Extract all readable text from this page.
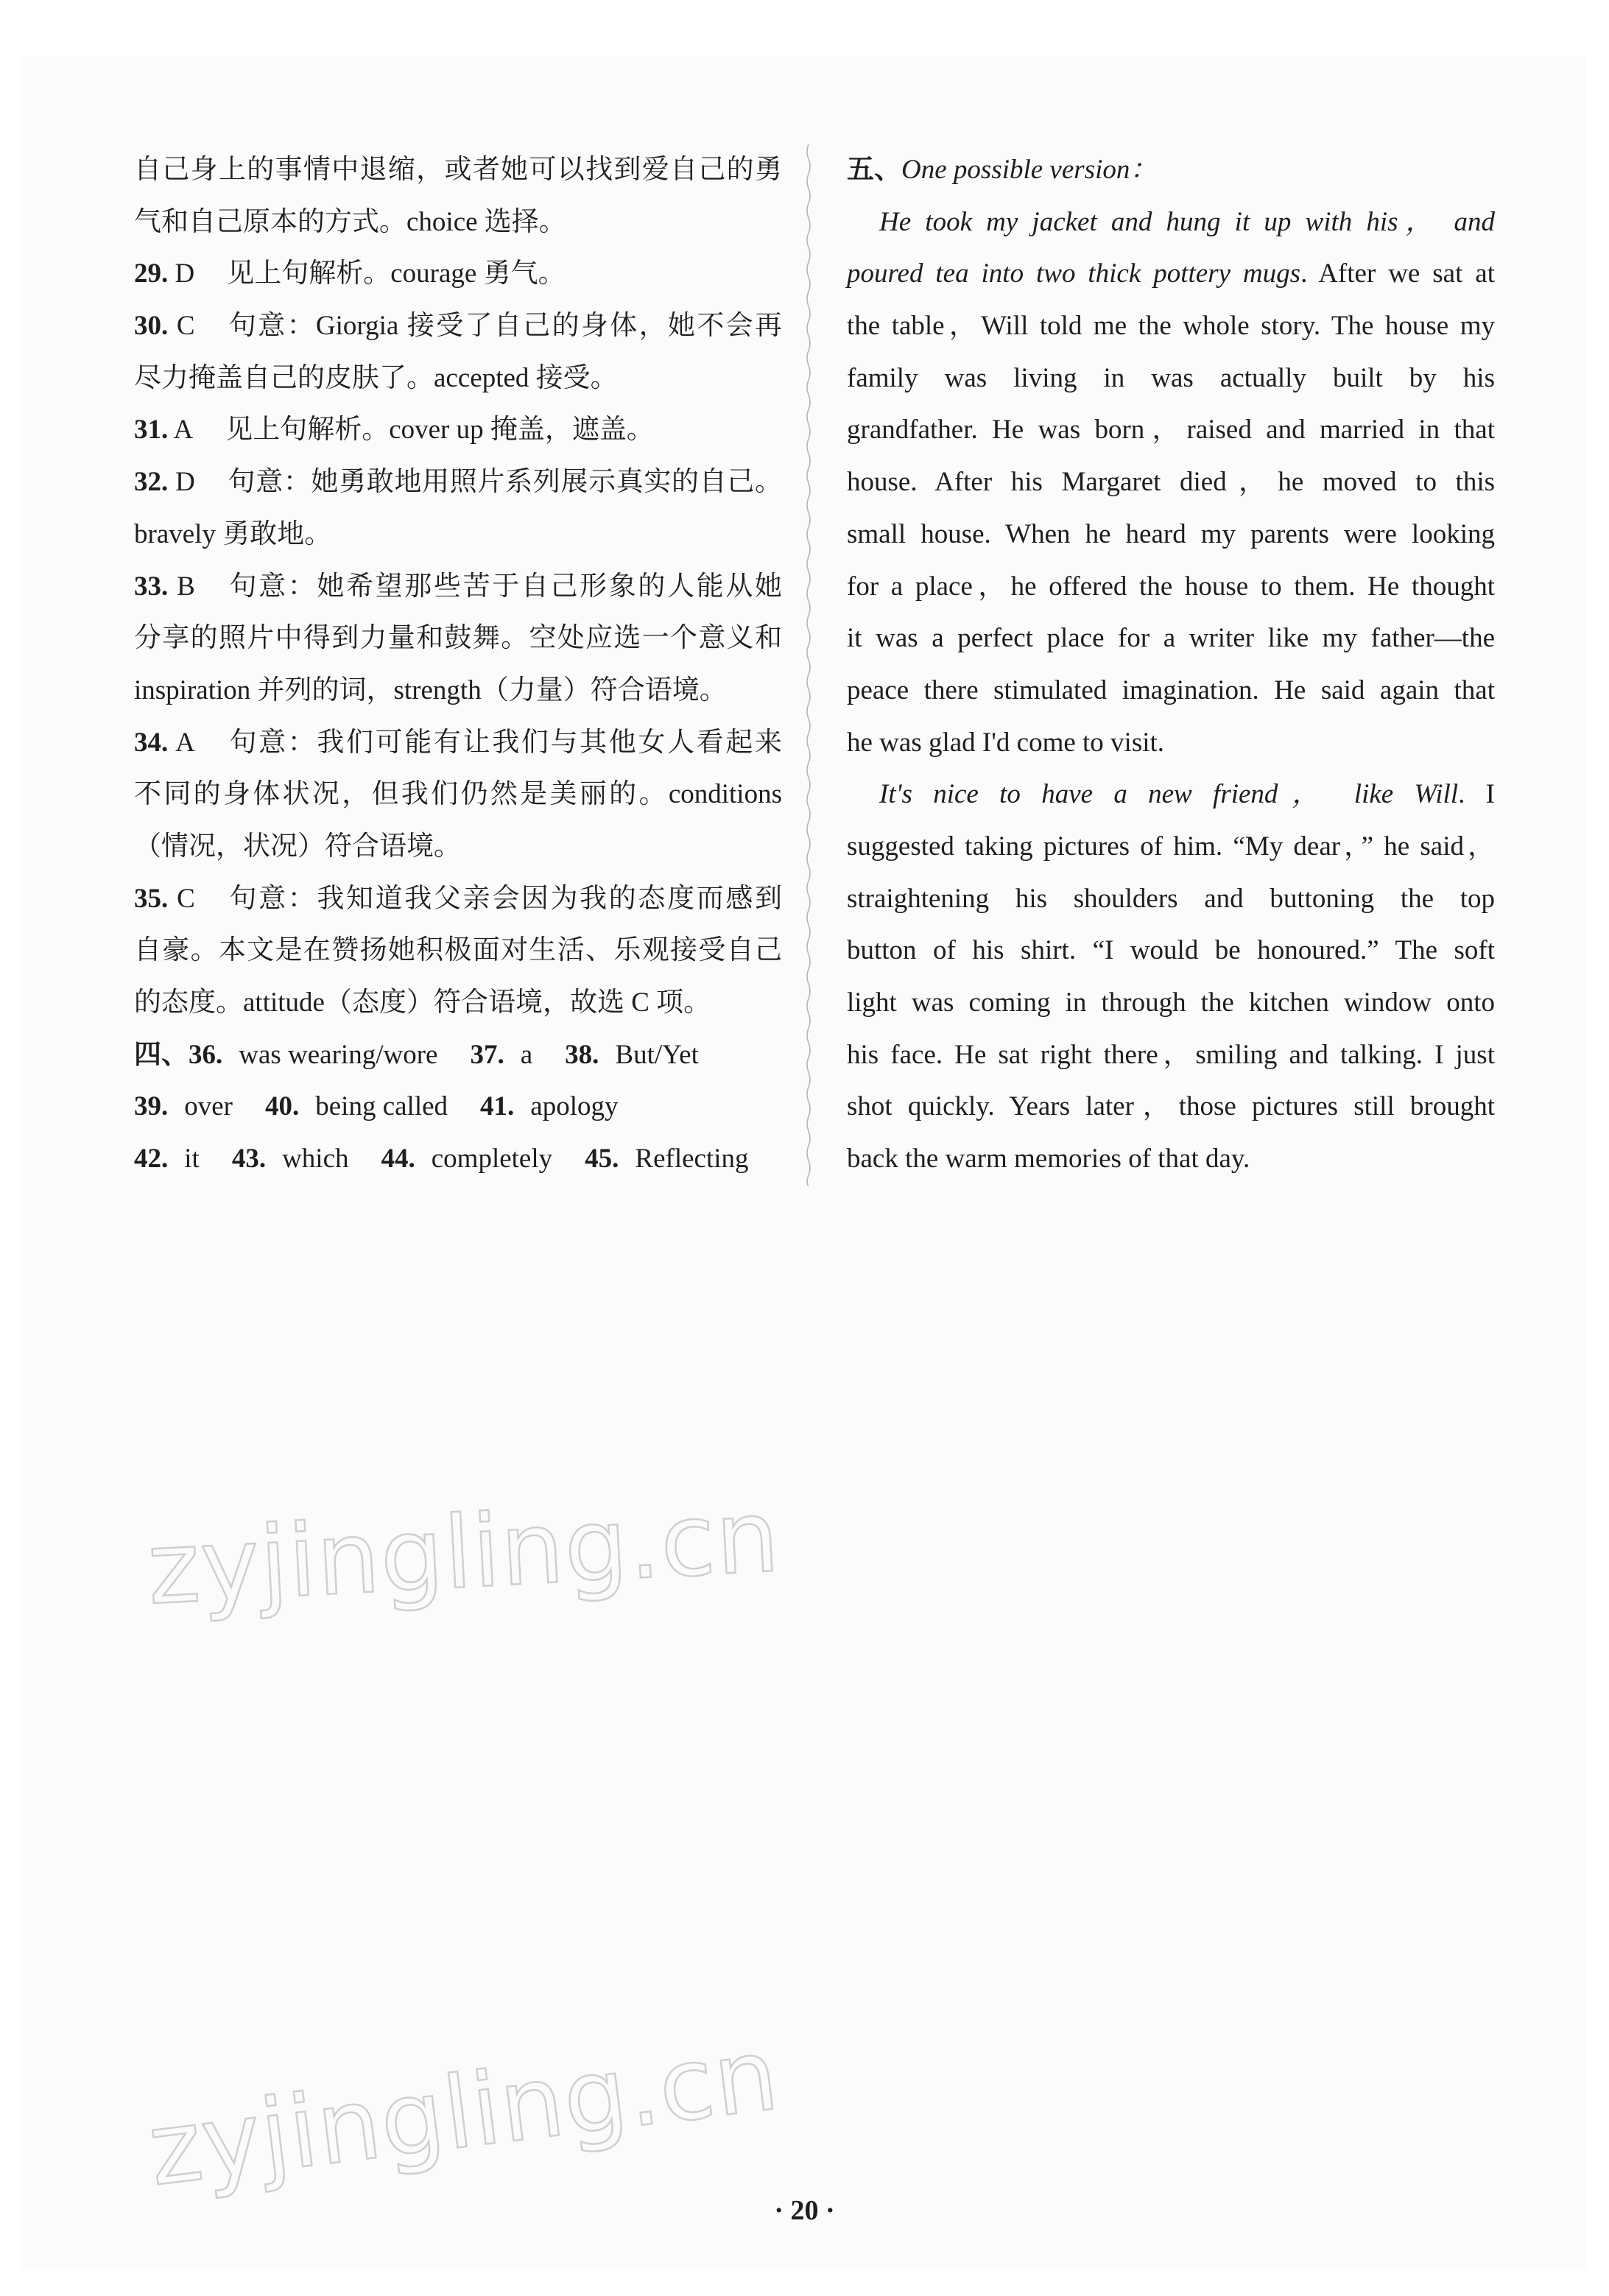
自己身上的事情中退缩，或者她可以找到爱自己的勇
气和自己原本的方式。choice 选择。
29. D 见上句解析。courage 勇气。
30. C 句意：Giorgia 接受了自己的身体，她不会再
尽力掩盖自己的皮肤了。accepted 接受。
31. A 见上句解析。cover up 掩盖，遮盖。
32. D 句意：她勇敢地用照片系列展示真实的自己。
bravely 勇敢地。
33. B 句意：她希望那些苦于自己形象的人能从她
分享的照片中得到力量和鼓舞。空处应选一个意义和
inspiration 并列的词，strength（力量）符合语境。
34. A 句意：我们可能有让我们与其他女人看起来
不同的身体状况，但我们仍然是美丽的。conditions
（情况，状况）符合语境。
35. C 句意：我知道我父亲会因为我的态度而感到
自豪。本文是在赞扬她积极面对生活、乐观接受自己
的态度。attitude（态度）符合语境，故选 C 项。
四、36. was wearing/wore 37. a 38. But/Yet
39. over 40. being called 41. apology
42. it 43. which 44. completely 45. Reflecting
五、One possible version：
He took my jacket and hung it up with his， and
poured tea into two thick pottery mugs. After we sat at
the table，Will told me the whole story. The house my
family was living in was actually built by his
grandfather. He was born，raised and married in that
house. After his Margaret died，he moved to this
small house. When he heard my parents were looking
for a place，he offered the house to them. He thought
it was a perfect place for a writer like my father—the
peace there stimulated imagination. He said again that
he was glad I'd come to visit.
It's nice to have a new friend， like Will. I
suggested taking pictures of him. “My dear，” he said，
straightening his shoulders and buttoning the top
button of his shirt. “I would be honoured.” The soft
light was coming in through the kitchen window onto
his face. He sat right there，smiling and talking. I just
shot quickly. Years later，those pictures still brought
back the warm memories of that day.
zyjingling.cn
zyjingling.cn
· 20 ·
